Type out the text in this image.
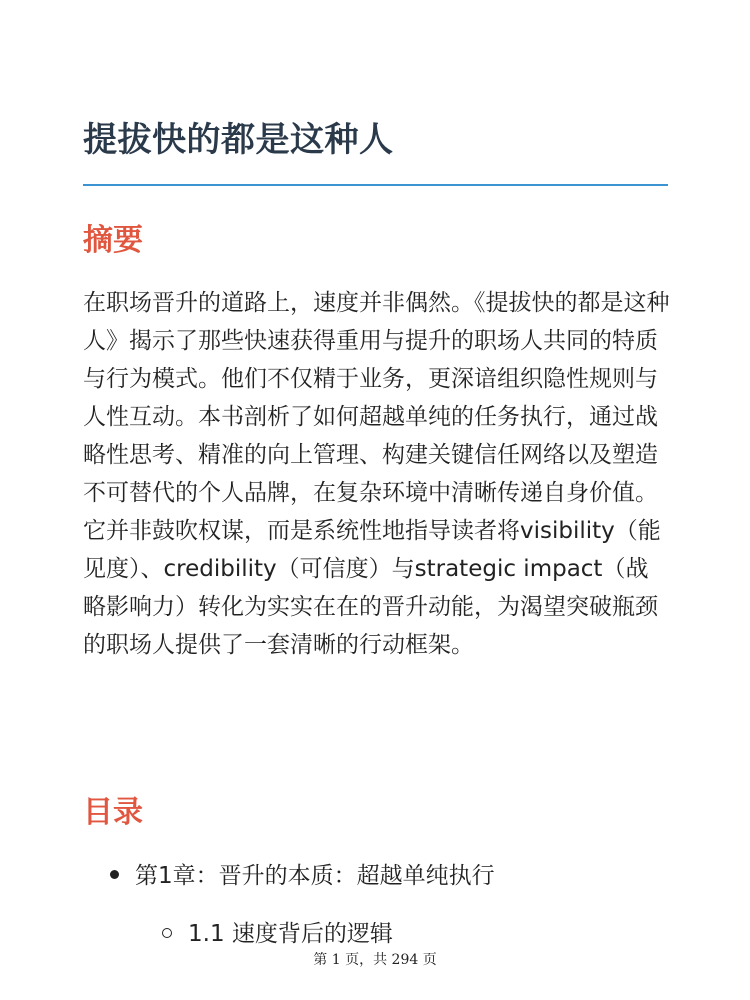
提拔快的都是这种人
摘要

在职场晋升的道路上，速度并非偶然。《提拔快的都是这种人》揭示了那些快速获得重用与提升的职场人共同的特质与行为模式。他们不仅精于业务，更深谙组织隐性规则与人性互动。本书剖析了如何超越单纯的任务执行，通过战略性思考、精准的向上管理、构建关键信任网络以及塑造不可替代的个人品牌，在复杂环境中清晰传递自身价值。它并非鼓吹权谋，而是系统性地指导读者将visibility（能见度）、credibility（可信度）与strategic impact（战略影响力）转化为实实在在的晋升动能，为渴望突破瓶颈的职场人提供了一套清晰的行动框架。

目录
第1章：晋升的本质：超越单纯执行
1.1 速度背后的逻辑
第 1 页，共 294 页
